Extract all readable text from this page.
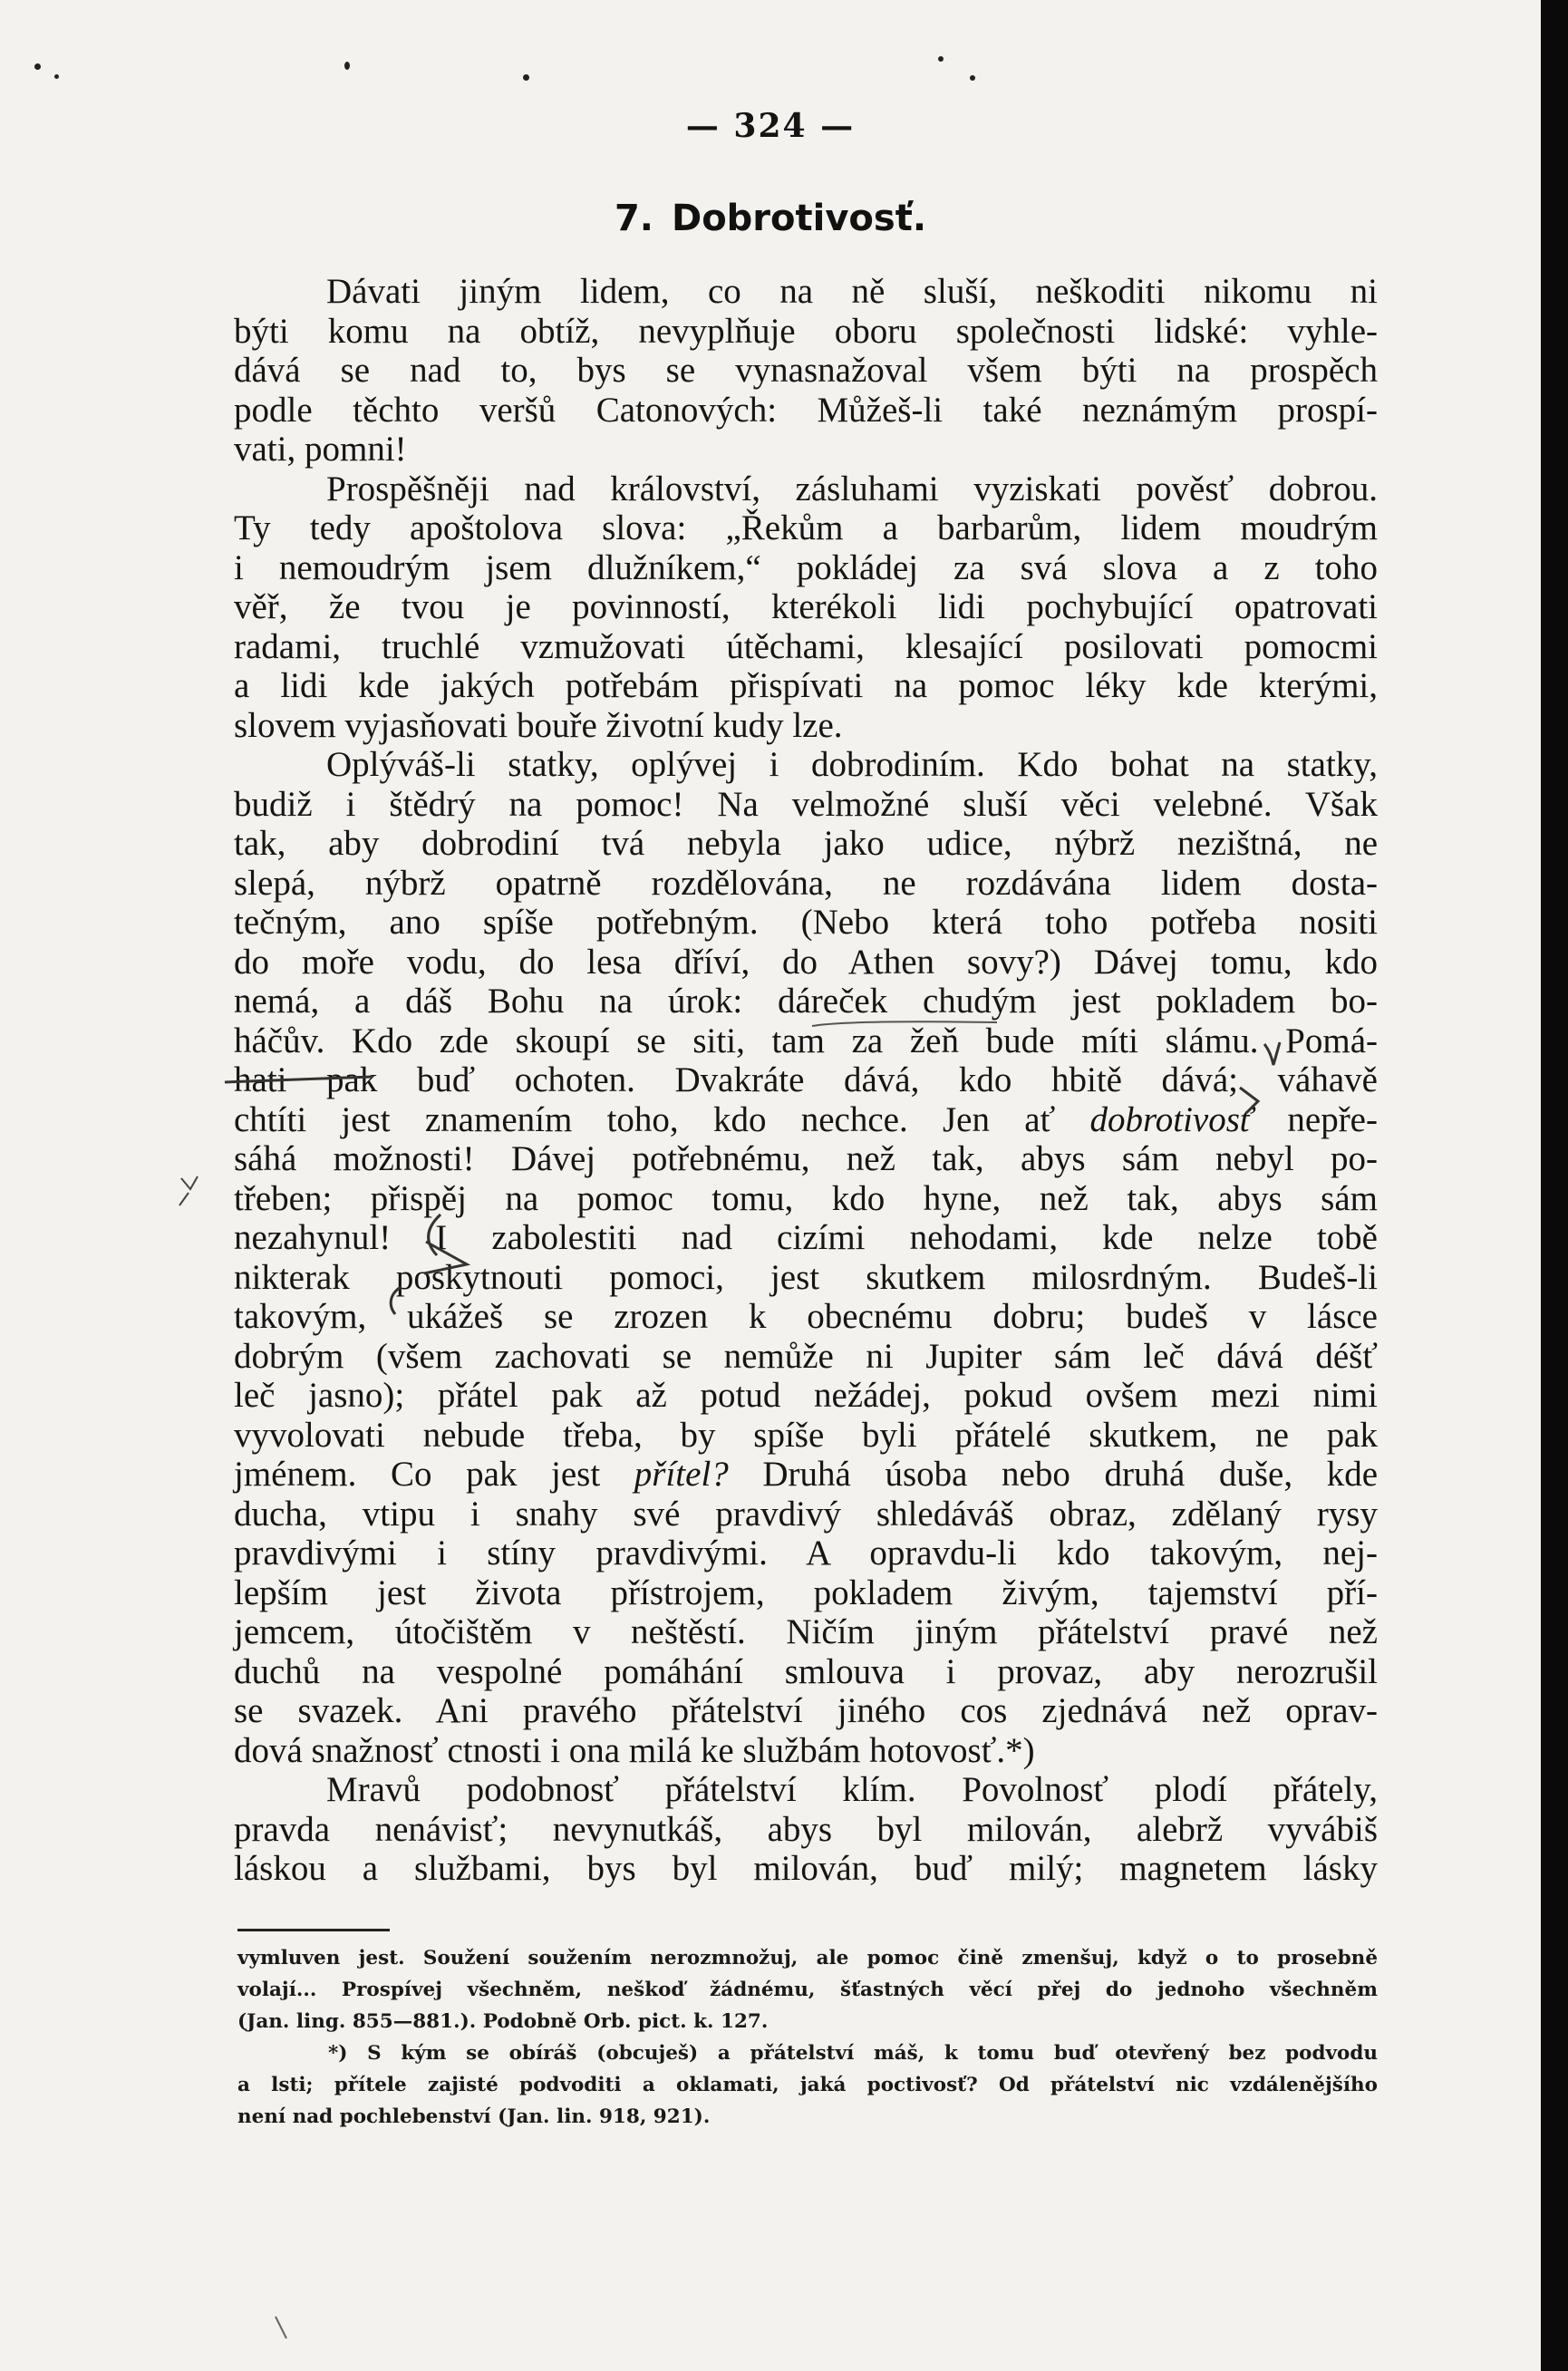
— 324 —
7. Dobrotivosť.
Dávati jiným lidem, co na ně sluší, neškoditi nikomu ni
býti komu na obtíž, nevyplňuje oboru společnosti lidské: vyhle-
dává se nad to, bys se vynasnažoval všem býti na prospěch
podle těchto veršů Catonových: Můžeš-li také neznámým prospí-
vati, pomni!
Prospěšněji nad království, zásluhami vyziskati pověsť dobrou.
Ty tedy apoštolova slova: „Řekům a barbarům, lidem moudrým
i nemoudrým jsem dlužníkem,“ pokládej za svá slova a z toho
věř, že tvou je povinností, kterékoli lidi pochybující opatrovati
radami, truchlé vzmužovati útěchami, klesající posilovati pomocmi
a lidi kde jakých potřebám přispívati na pomoc léky kde kterými,
slovem vyjasňovati bouře životní kudy lze.
Oplýváš-li statky, oplývej i dobrodiním. Kdo bohat na statky,
budiž i štědrý na pomoc! Na velmožné sluší věci velebné. Však
tak, aby dobrodiní tvá nebyla jako udice, nýbrž nezištná, ne
slepá, nýbrž opatrně rozdělována, ne rozdávána lidem dosta-
tečným, ano spíše potřebným. (Nebo která toho potřeba nositi
do moře vodu, do lesa dříví, do Athen sovy?) Dávej tomu, kdo
nemá, a dáš Bohu na úrok: dáreček chudým jest pokladem bo-
háčův. Kdo zde skoupí se siti, tam za žeň bude míti slámu. Pomá-
hati pak buď ochoten. Dvakráte dává, kdo hbitě dává; váhavě
chtíti jest znamením toho, kdo nechce. Jen ať dobrotivosť nepře-
sáhá možnosti! Dávej potřebnému, než tak, abys sám nebyl po-
třeben; přispěj na pomoc tomu, kdo hyne, než tak, abys sám
nezahynul! I zabolestiti nad cizími nehodami, kde nelze tobě
nikterak poskytnouti pomoci, jest skutkem milosrdným. Budeš-li
takovým, ukážeš se zrozen k obecnému dobru; budeš v lásce
dobrým (všem zachovati se nemůže ni Jupiter sám leč dává déšť
leč jasno); přátel pak až potud nežádej, pokud ovšem mezi nimi
vyvolovati nebude třeba, by spíše byli přátelé skutkem, ne pak
jménem. Co pak jest přítel? Druhá úsoba nebo druhá duše, kde
ducha, vtipu i snahy své pravdivý shledáváš obraz, zdělaný rysy
pravdivými i stíny pravdivými. A opravdu-li kdo takovým, nej-
lepším jest života přístrojem, pokladem živým, tajemství pří-
jemcem, útočištěm v neštěstí. Ničím jiným přátelství pravé než
duchů na vespolné pomáhání smlouva i provaz, aby nerozrušil
se svazek. Ani pravého přátelství jiného cos zjednává než oprav-
dová snažnosť ctnosti i ona milá ke službám hotovosť.*)
Mravů podobnosť přátelství klím. Povolnosť plodí přátely,
pravda nenávisť; nevynutkáš, abys byl milován, alebrž vyvábiš
láskou a službami, bys byl milován, buď milý; magnetem lásky
vymluven jest. Soužení soužením nerozmnožuj, ale pomoc čině zmenšuj, když o to prosebně
volají... Prospívej všechněm, neškoď žádnému, šťastných věcí přej do jednoho všechněm
(Jan. ling. 855—881.). Podobně Orb. pict. k. 127.
*) S kým se obíráš (obcuješ) a přátelství máš, k tomu buď otevřený bez podvodu
a lsti; přítele zajisté podvoditi a oklamati, jaká poctivosť? Od přátelství nic vzdálenějšího
není nad pochlebenství (Jan. lin. 918, 921).
